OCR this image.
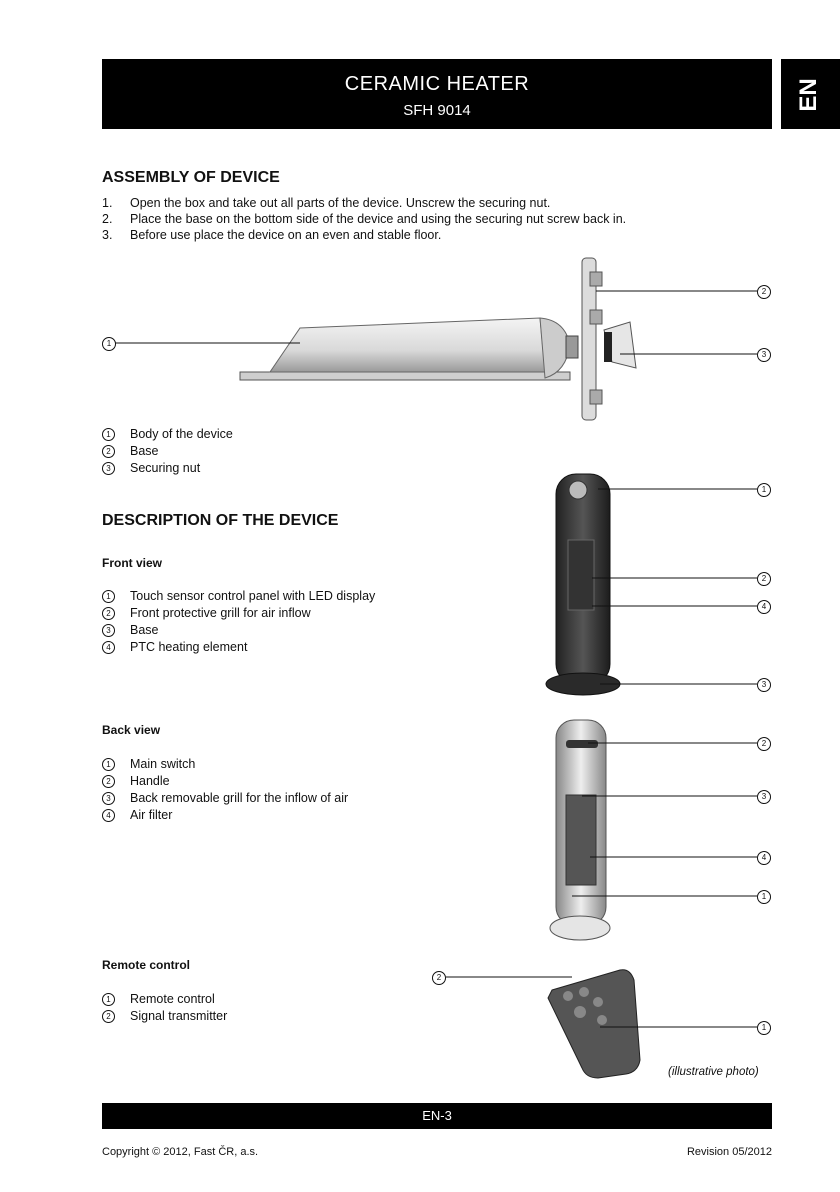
CERAMIC HEATER
SFH 9014	EN
ASSEMBLY OF DEVICE
1. Open the box and take out all parts of the device. Unscrew the securing nut.
2. Place the base on the bottom side of the device and using the securing nut screw back in.
3. Before use place the device on an even and stable floor.
1
2
3
1
2
4
3
2
3
4
1
2
1
1 Body of the device
2 Base
3 Securing nut
DESCRIPTION OF THE DEVICE
Front view
1 Touch sensor control panel with LED display
2 Front protective grill for air inflow
3 Base
4 PTC heating element
Back view
1 Main switch
2 Handle
3 Back removable grill for the inflow of air
4 Air filter
Remote control
1 Remote control
2 Signal transmitter
(illustrative photo)
EN-3
Copyright © 2012, Fast ČR, a.s.	Revision 05/2012
